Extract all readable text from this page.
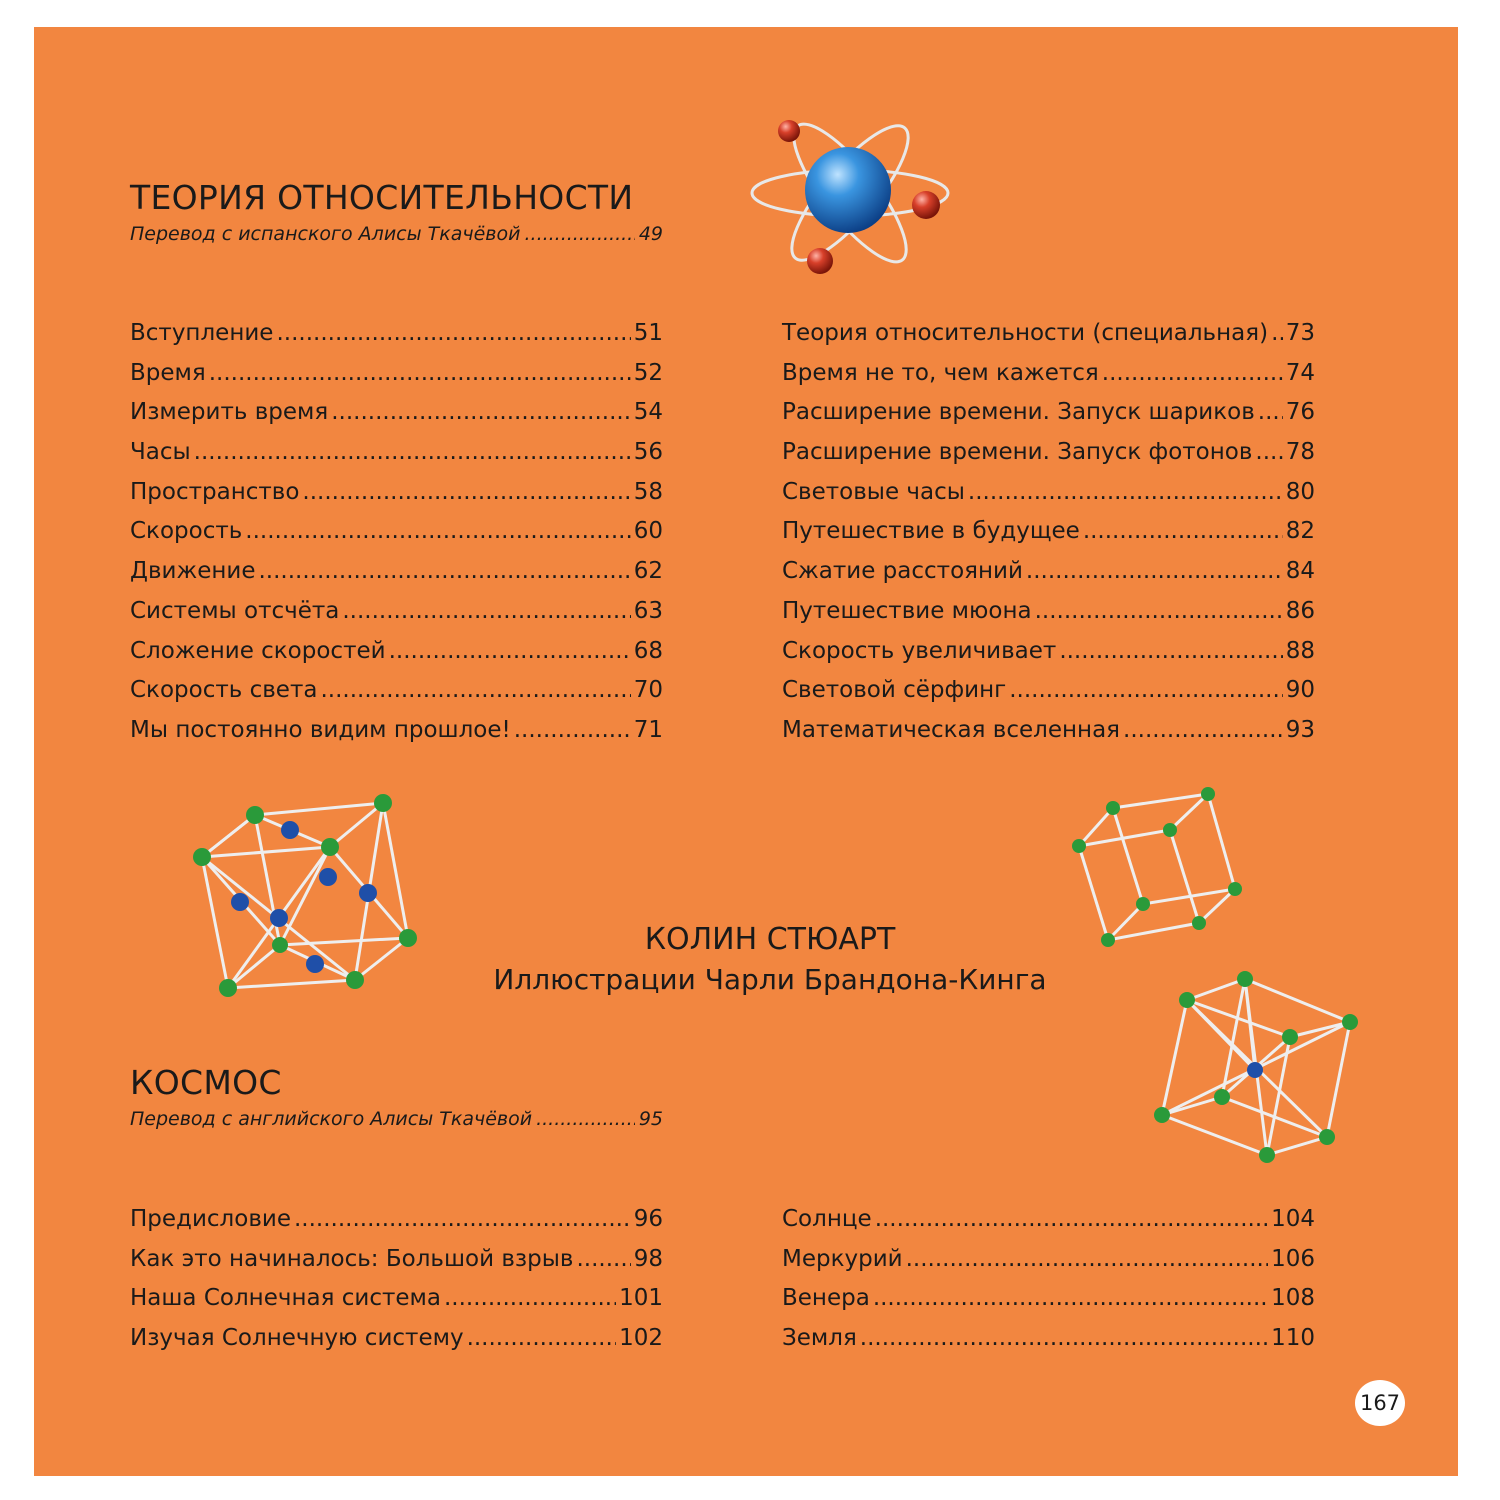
ТЕОРИЯ ОТНОСИТЕЛЬНОСТИ
Перевод с испанского Алисы Ткачёвой .....	49
Вступление .....	51
Время .....	52
Измерить время .....	54
Часы .....	56
Пространство .....	58
Скорость .....	60
Движение .....	62
Системы отсчёта .....	63
Сложение скоростей .....	68
Скорость света .....	70
Мы постоянно видим прошлое! .....	71
Теория относительности (специальная) ..... 73
Время не то, чем кажется .....	74
Расширение времени. Запуск шариков ..... 76
Расширение времени. Запуск фотонов ..... 78
Световые часы .....	80
Путешествие в будущее .....	82
Сжатие расстояний .....	84
Путешествие мюона .....	86
Скорость увеличивает .....	88
Световой сёрфинг .....	90
Математическая вселенная .....	93
КОЛИН СТЮАРТ
Иллюстрации Чарли Брандона-Кинга
КОСМОС
Перевод с английского Алисы Ткачёвой .....	95
Предисловие .....	96
Как это начиналось: Большой взрыв .....	98
Наша Солнечная система .....	101
Изучая Солнечную систему .....	102
Солнце .....	104
Меркурий .....	106
Венера .....	108
Земля .....	110
167
